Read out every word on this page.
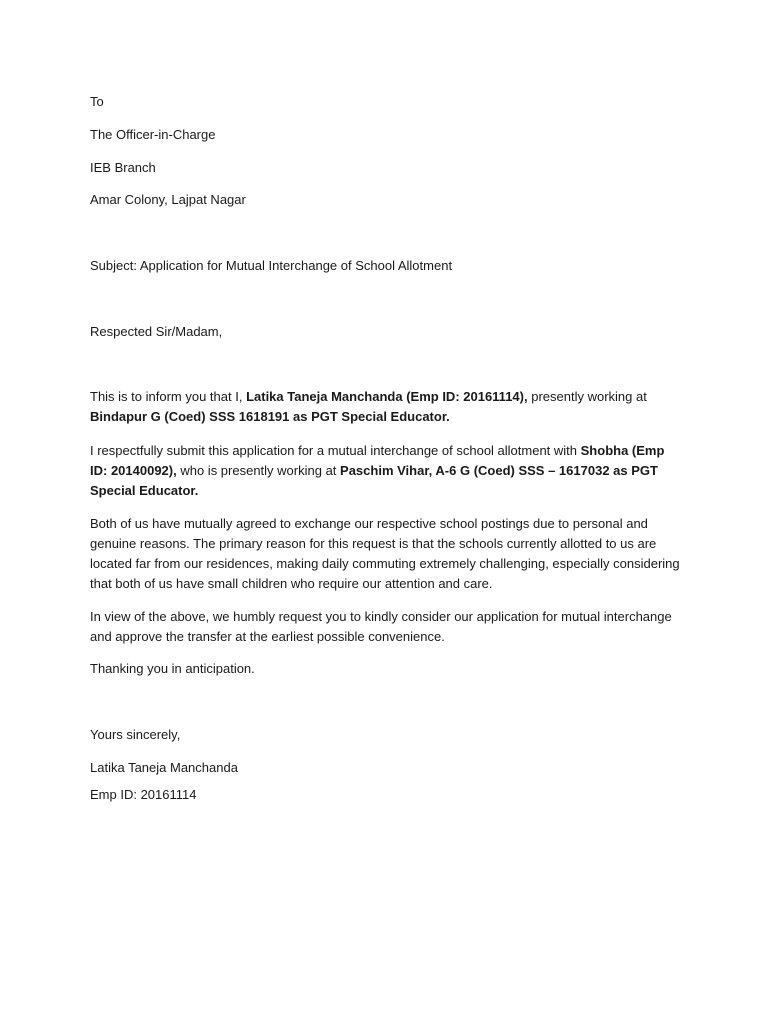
To
The Officer-in-Charge
IEB Branch
Amar Colony, Lajpat Nagar
Subject: Application for Mutual Interchange of School Allotment
Respected Sir/Madam,
This is to inform you that I, Latika Taneja Manchanda (Emp ID: 20161114), presently working at Bindapur G (Coed) SSS 1618191 as PGT Special Educator.
I respectfully submit this application for a mutual interchange of school allotment with Shobha (Emp ID: 20140092), who is presently working at Paschim Vihar, A-6 G (Coed) SSS – 1617032 as PGT Special Educator.
Both of us have mutually agreed to exchange our respective school postings due to personal and genuine reasons. The primary reason for this request is that the schools currently allotted to us are located far from our residences, making daily commuting extremely challenging, especially considering that both of us have small children who require our attention and care.
In view of the above, we humbly request you to kindly consider our application for mutual interchange and approve the transfer at the earliest possible convenience.
Thanking you in anticipation.
Yours sincerely,
Latika Taneja Manchanda
Emp ID: 20161114
